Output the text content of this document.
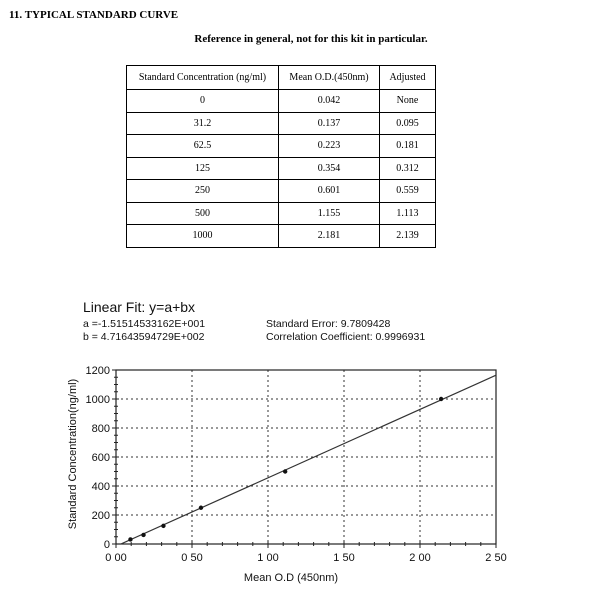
11. TYPICAL STANDARD CURVE
Reference in general, not for this kit in particular.
Standard Concentration (ng/ml)	Mean O.D.(450nm)	Adjusted
0	0.042	None
31.2	0.137	0.095
62.5	0.223	0.181
125	0.354	0.312
250	0.601	0.559
500	1.155	1.113
1000	2.181	2.139
Linear Fit: y=a+bx
a =-1.51514533162E+001
b = 4.71643594729E+002
Standard Error: 9.7809428
Correlation Coefficient: 0.9996931
0
200
400
600
800
1000
1200
0 00	0 50	1 00	1 50	2 00	2 50
Mean O.D (450nm)
Standard Concentration(ng/ml)
